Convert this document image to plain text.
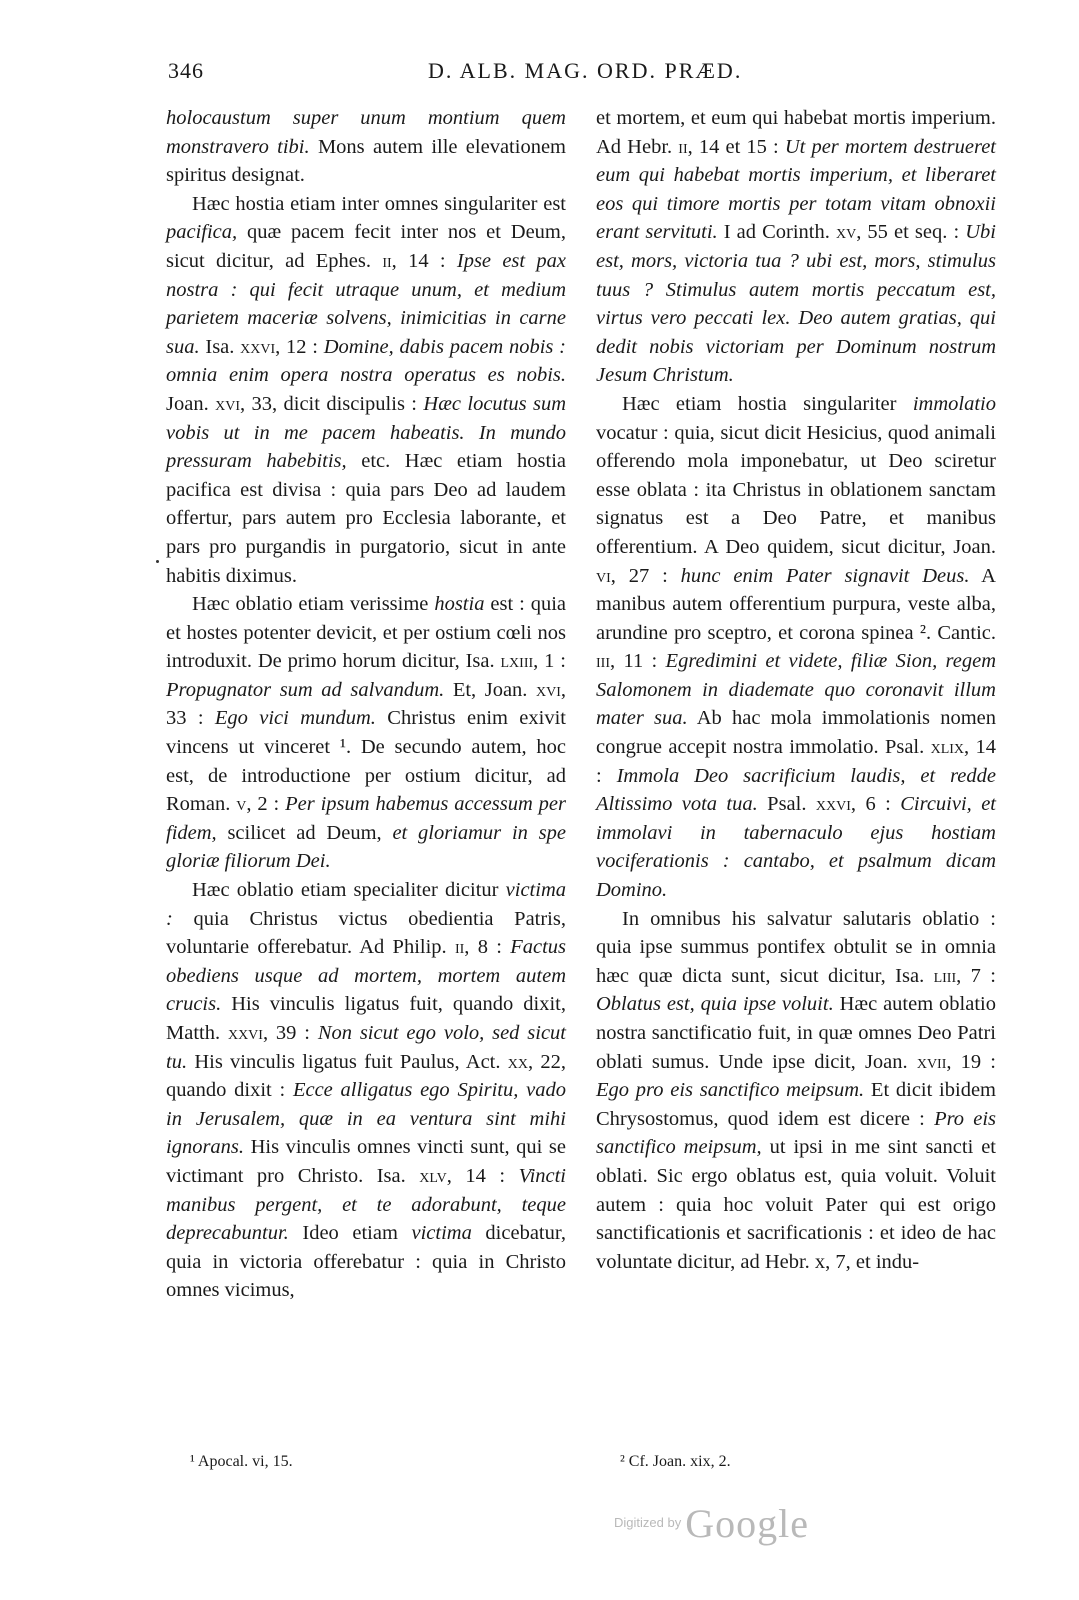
346	D. ALB. MAG. ORD. PRÆD.

holocaustum super unum montium quem monstravero tibi. Mons autem ille elevationem spiritus designat.

Hæc hostia etiam inter omnes singulariter est pacifica, quæ pacem fecit inter nos et Deum, sicut dicitur, ad Ephes. ii, 14 : Ipse est pax nostra : qui fecit utraque unum, et medium parietem maceriæ solvens, inimicitias in carne sua. Isa. xxvi, 12 : Domine, dabis pacem nobis : omnia enim opera nostra operatus es nobis. Joan. xvi, 33, dicit discipulis : Hæc locutus sum vobis ut in me pacem habeatis. In mundo pressuram habebitis, etc. Hæc etiam hostia pacifica est divisa : quia pars Deo ad laudem offertur, pars autem pro Ecclesia laborante, et pars pro purgandis in purgatorio, sicut in ante habitis diximus.

Hæc oblatio etiam verissime hostia est : quia et hostes potenter devicit, et per ostium cœli nos introduxit. De primo horum dicitur, Isa. lxiii, 1 : Propugnator sum ad salvandum. Et, Joan. xvi, 33 : Ego vici mundum. Christus enim exivit vincens ut vinceret ¹. De secundo autem, hoc est, de introductione per ostium dicitur, ad Roman. v, 2 : Per ipsum habemus accessum per fidem, scilicet ad Deum, et gloriamur in spe gloriæ filiorum Dei.

Hæc oblatio etiam specialiter dicitur victima : quia Christus victus obedientia Patris, voluntarie offerebatur. Ad Philip. ii, 8 : Factus obediens usque ad mortem, mortem autem crucis. His vinculis ligatus fuit, quando dixit, Matth. xxvi, 39 : Non sicut ego volo, sed sicut tu. His vinculis ligatus fuit Paulus, Act. xx, 22, quando dixit : Ecce alligatus ego Spiritu, vado in Jerusalem, quæ in ea ventura sint mihi ignorans. His vinculis omnes vincti sunt, qui se victimant pro Christo. Isa. xlv, 14 : Vincti manibus pergent, et te adorabunt, teque deprecabuntur. Ideo etiam victima dicebatur, quia in victoria offerebatur : quia in Christo omnes vicimus,

et mortem, et eum qui habebat mortis imperium. Ad Hebr. ii, 14 et 15 : Ut per mortem destrueret eum qui habebat mortis imperium, et liberaret eos qui timore mortis per totam vitam obnoxii erant servituti. I ad Corinth. xv, 55 et seq. : Ubi est, mors, victoria tua ? ubi est, mors, stimulus tuus ? Stimulus autem mortis peccatum est, virtus vero peccati lex. Deo autem gratias, qui dedit nobis victoriam per Dominum nostrum Jesum Christum.

Hæc etiam hostia singulariter immolatio vocatur : quia, sicut dicit Hesicius, quod animali offerendo mola imponebatur, ut Deo sciretur esse oblata : ita Christus in oblationem sanctam signatus est a Deo Patre, et manibus offerentium. A Deo quidem, sicut dicitur, Joan. vi, 27 : hunc enim Pater signavit Deus. A manibus autem offerentium purpura, veste alba, arundine pro sceptro, et corona spinea ². Cantic. iii, 11 : Egredimini et videte, filiæ Sion, regem Salomonem in diademate quo coronavit illum mater sua. Ab hac mola immolationis nomen congrue accepit nostra immolatio. Psal. xlix, 14 : Immola Deo sacrificium laudis, et redde Altissimo vota tua. Psal. xxvi, 6 : Circuivi, et immolavi in tabernaculo ejus hostiam vociferationis : cantabo, et psalmum dicam Domino.

In omnibus his salvatur salutaris oblatio : quia ipse summus pontifex obtulit se in omnia hæc quæ dicta sunt, sicut dicitur, Isa. liii, 7 : Oblatus est, quia ipse voluit. Hæc autem oblatio nostra sanctificatio fuit, in quæ omnes Deo Patri oblati sumus. Unde ipse dicit, Joan. xvii, 19 : Ego pro eis sanctifico meipsum. Et dicit ibidem Chrysostomus, quod idem est dicere : Pro eis sanctifico meipsum, ut ipsi in me sint sancti et oblati. Sic ergo oblatus est, quia voluit. Voluit autem : quia hoc voluit Pater qui est origo sanctificationis et sacrificationis : et ideo de hac voluntate dicitur, ad Hebr. x, 7, et indu-

¹ Apocal. vi, 15.	² Cf. Joan. xix, 2.
$^{Digitized by}$ Google
